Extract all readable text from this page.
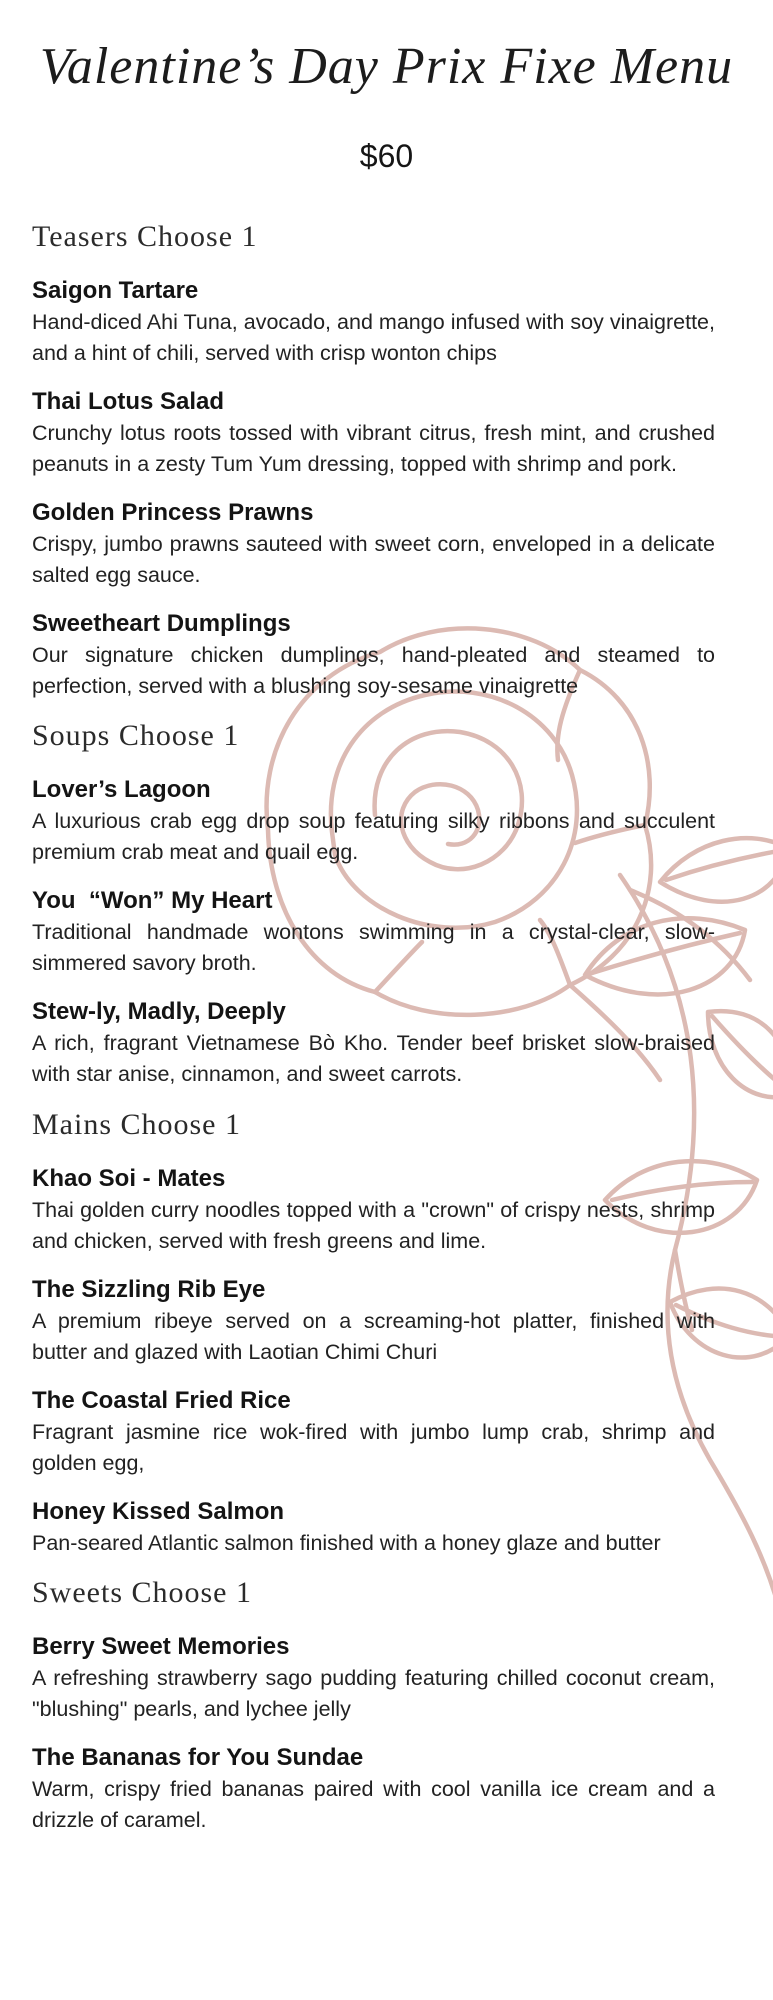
Valentine’s Day Prix Fixe Menu
$60
Teasers Choose 1
Saigon Tartare

Hand-diced Ahi Tuna, avocado, and mango infused with soy vinaigrette, and a hint of chili, served with crisp wonton chips

Thai Lotus Salad

Crunchy lotus roots tossed with vibrant citrus, fresh mint, and crushed peanuts in a zesty Tum Yum dressing, topped with shrimp and pork.

Golden Princess Prawns

Crispy, jumbo prawns sauteed with sweet corn, enveloped in a delicate salted egg sauce.

Sweetheart Dumplings

Our signature chicken dumplings, hand-pleated and steamed to perfection, served with a blushing soy-sesame vinaigrette

Soups Choose 1
Lover’s Lagoon

A luxurious crab egg drop soup featuring silky ribbons and succulent premium crab meat and quail egg.

You  “Won” My Heart

Traditional handmade wontons swimming in a crystal-clear, slow-simmered savory broth.

Stew-ly, Madly, Deeply

A rich, fragrant Vietnamese Bò Kho. Tender beef brisket slow-braised with star anise, cinnamon, and sweet carrots.

Mains Choose 1
Khao Soi - Mates

Thai golden curry noodles topped with a "crown" of crispy nests, shrimp and chicken, served with fresh greens and lime.

The Sizzling Rib Eye

A premium ribeye served on a screaming-hot platter, finished with butter and glazed with Laotian Chimi Churi

The Coastal Fried Rice

Fragrant jasmine rice wok-fired with jumbo lump crab, shrimp and golden egg,

Honey Kissed Salmon

Pan-seared Atlantic salmon finished with a honey glaze and butter

Sweets Choose 1
Berry Sweet Memories

A refreshing strawberry sago pudding featuring chilled coconut cream, "blushing" pearls, and lychee jelly

The Bananas for You Sundae

Warm, crispy fried bananas paired with cool vanilla ice cream and a drizzle of caramel.
